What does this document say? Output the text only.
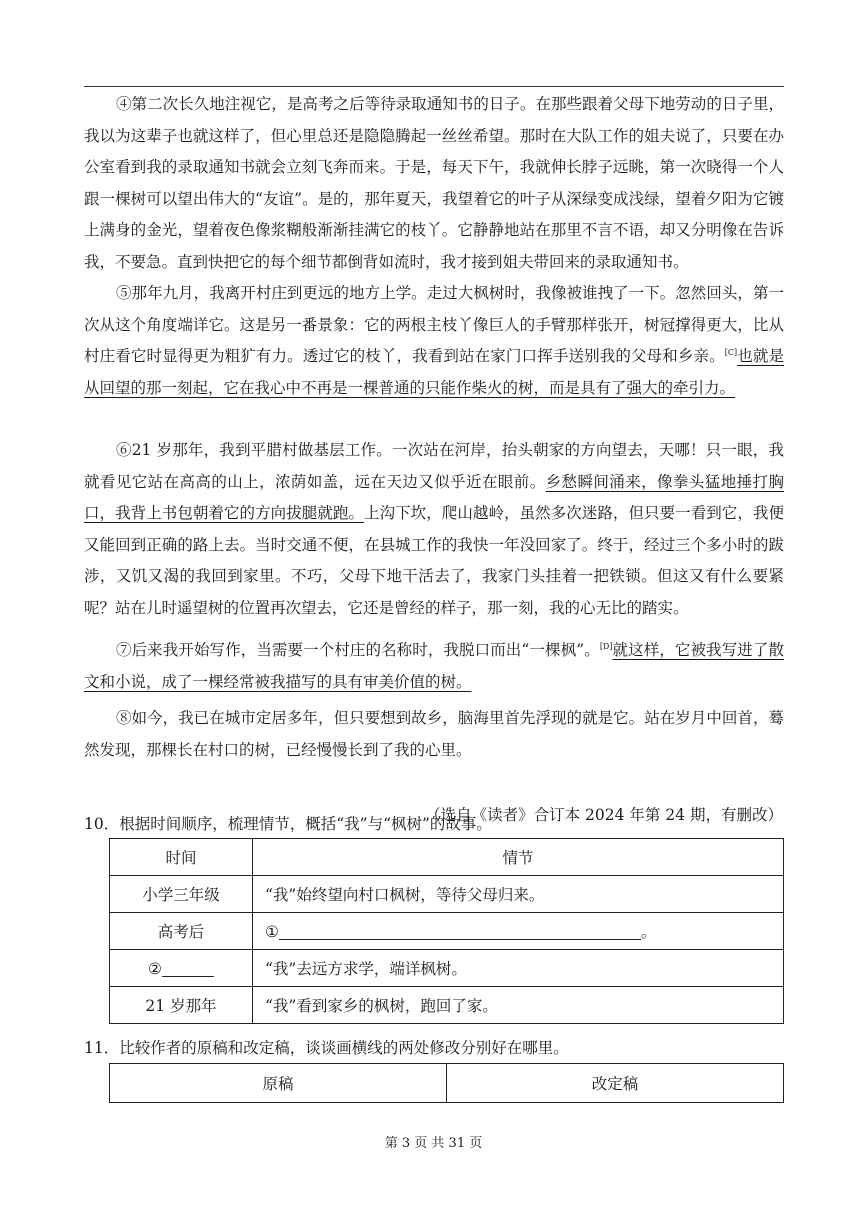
④第二次长久地注视它，是高考之后等待录取通知书的日子。在那些跟着父母下地劳动的日子里，我以为这辈子也就这样了，但心里总还是隐隐腾起一丝丝希望。那时在大队工作的姐夫说了，只要在办公室看到我的录取通知书就会立刻飞奔而来。于是，每天下午，我就伸长脖子远眺，第一次晓得一个人跟一棵树可以望出伟大的“友谊”。是的，那年夏天，我望着它的叶子从深绿变成浅绿，望着夕阳为它镀上满身的金光，望着夜色像浆糊般渐渐挂满它的枝丫。它静静地站在那里不言不语，却又分明像在告诉我，不要急。直到快把它的每个细节都倒背如流时，我才接到姐夫带回来的录取通知书。

⑤那年九月，我离开村庄到更远的地方上学。走过大枫树时，我像被谁拽了一下。忽然回头，第一次从这个角度端详它。这是另一番景象：它的两根主枝丫像巨人的手臂那样张开，树冠撑得更大，比从村庄看它时显得更为粗犷有力。透过它的枝丫，我看到站在家门口挥手送别我的父母和乡亲。[C]也就是从回望的那一刻起，它在我心中不再是一棵普通的只能作柴火的树，而是具有了强大的牵引力。

⑥21 岁那年，我到平腊村做基层工作。一次站在河岸，抬头朝家的方向望去，天哪！只一眼，我就看见它站在高高的山上，浓荫如盖，远在天边又似乎近在眼前。乡愁瞬间涌来，像拳头猛地捶打胸口，我背上书包朝着它的方向拔腿就跑。上沟下坎，爬山越岭，虽然多次迷路，但只要一看到它，我便又能回到正确的路上去。当时交通不便，在县城工作的我快一年没回家了。终于，经过三个多小时的跋涉，又饥又渴的我回到家里。不巧，父母下地干活去了，我家门头挂着一把铁锁。但这又有什么要紧呢？站在儿时遥望树的位置再次望去，它还是曾经的样子，那一刻，我的心无比的踏实。

⑦后来我开始写作，当需要一个村庄的名称时，我脱口而出“一棵枫”。[D]就这样，它被我写进了散文和小说，成了一棵经常被我描写的具有审美价值的树。

⑧如今，我已在城市定居多年，但只要想到故乡，脑海里首先浮现的就是它。站在岁月中回首，蓦然发现，那棵长在村口的树，已经慢慢长到了我的心里。

（选自《读者》合订本 2024 年第 24 期，有删改）

10．根据时间顺序，梳理情节，概括“我”与“枫树”的故事。

时间	情节
小学三年级	“我”始终望向村口枫树，等待父母归来。
高考后	① 。
②	“我”去远方求学，端详枫树。
21 岁那年	“我”看到家乡的枫树，跑回了家。

11．比较作者的原稿和改定稿，谈谈画横线的两处修改分别好在哪里。

原稿	改定稿

第 3 页 共 31 页
